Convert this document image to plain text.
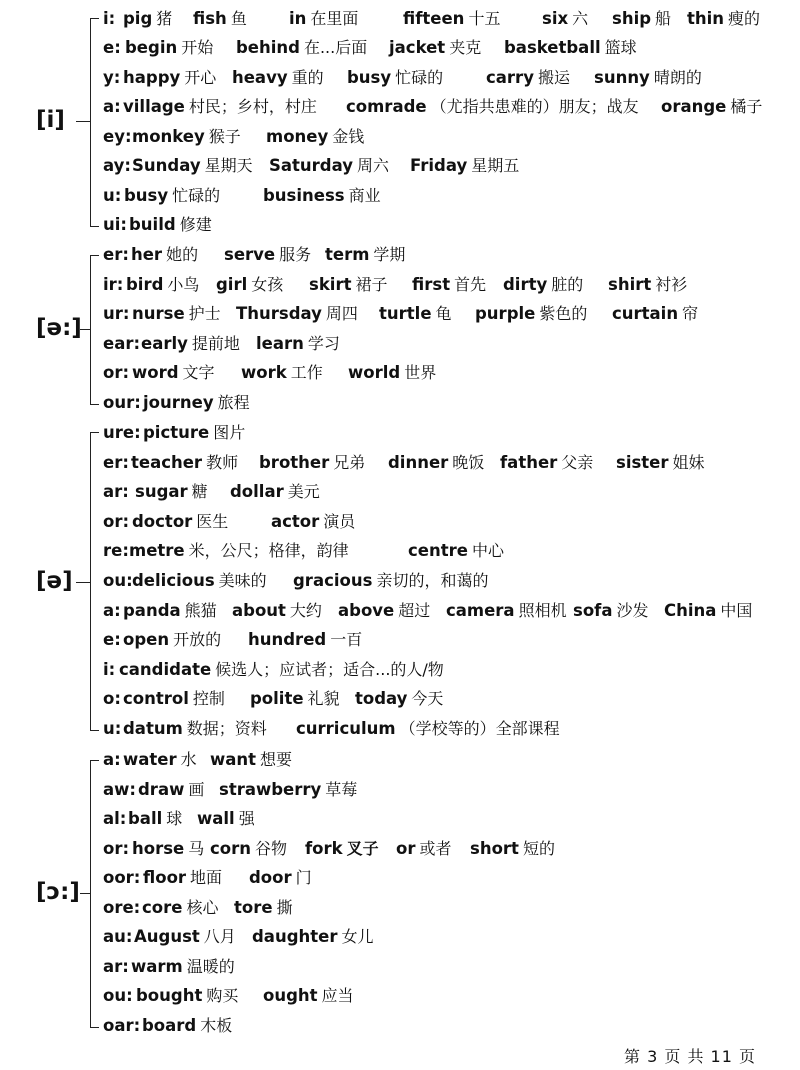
[i]
i: pig 猪 fish 鱼	in 在里面	fifteen 十五	six 六 ship 船 thin 瘦的
e: begin 开始 behind 在...后面 jacket 夹克 basketball 篮球
y: happy 开心 heavy 重的 busy 忙碌的	carry 搬运 sunny 晴朗的
a: village 村民；乡村，村庄 comrade （尤指共患难的）朋友；战友 orange 橘子
ey: monkey 猴子 money 金钱
ay: Sunday 星期天 Saturday 周六 Friday 星期五
u: busy 忙碌的	business 商业
ui: build 修建
[ə:]
er: her 她的 serve 服务 term 学期
ir: bird 小鸟 girl 女孩 skirt 裙子 first 首先 dirty 脏的 shirt 衬衫
ur: nurse 护士 Thursday 周四 turtle 龟 purple 紫色的 curtain 帘
ear: early 提前地 learn 学习
or: word 文字 work 工作 world 世界
our: journey 旅程
[ə]
ure: picture 图片
er: teacher 教师 brother 兄弟 dinner 晚饭 father 父亲 sister 姐妹
ar: sugar 糖 dollar 美元
or: doctor 医生	actor 演员
re: metre 米，公尺；格律，韵律	centre 中心
ou: delicious 美味的 gracious 亲切的，和蔼的
a: panda 熊猫 about 大约 above 超过 camera 照相机 sofa 沙发 China 中国
e: open 开放的 hundred 一百
i: candidate 候选人；应试者；适合...的人/物
o: control 控制 polite 礼貌 today 今天
u: datum 数据；资料 curriculum （学校等的）全部课程
[ɔ:]
a: water 水 want 想要
aw: draw 画 strawberry 草莓
al: ball 球 wall 强
or: horse 马 corn 谷物 fork 叉子 or 或者 short 短的
oor: floor 地面 door 门
ore: core 核心 tore 撕
au: August 八月 daughter 女儿
ar: warm 温暖的
ou: bought 购买 ought 应当
oar: board 木板
第 3 页 共 11 页
